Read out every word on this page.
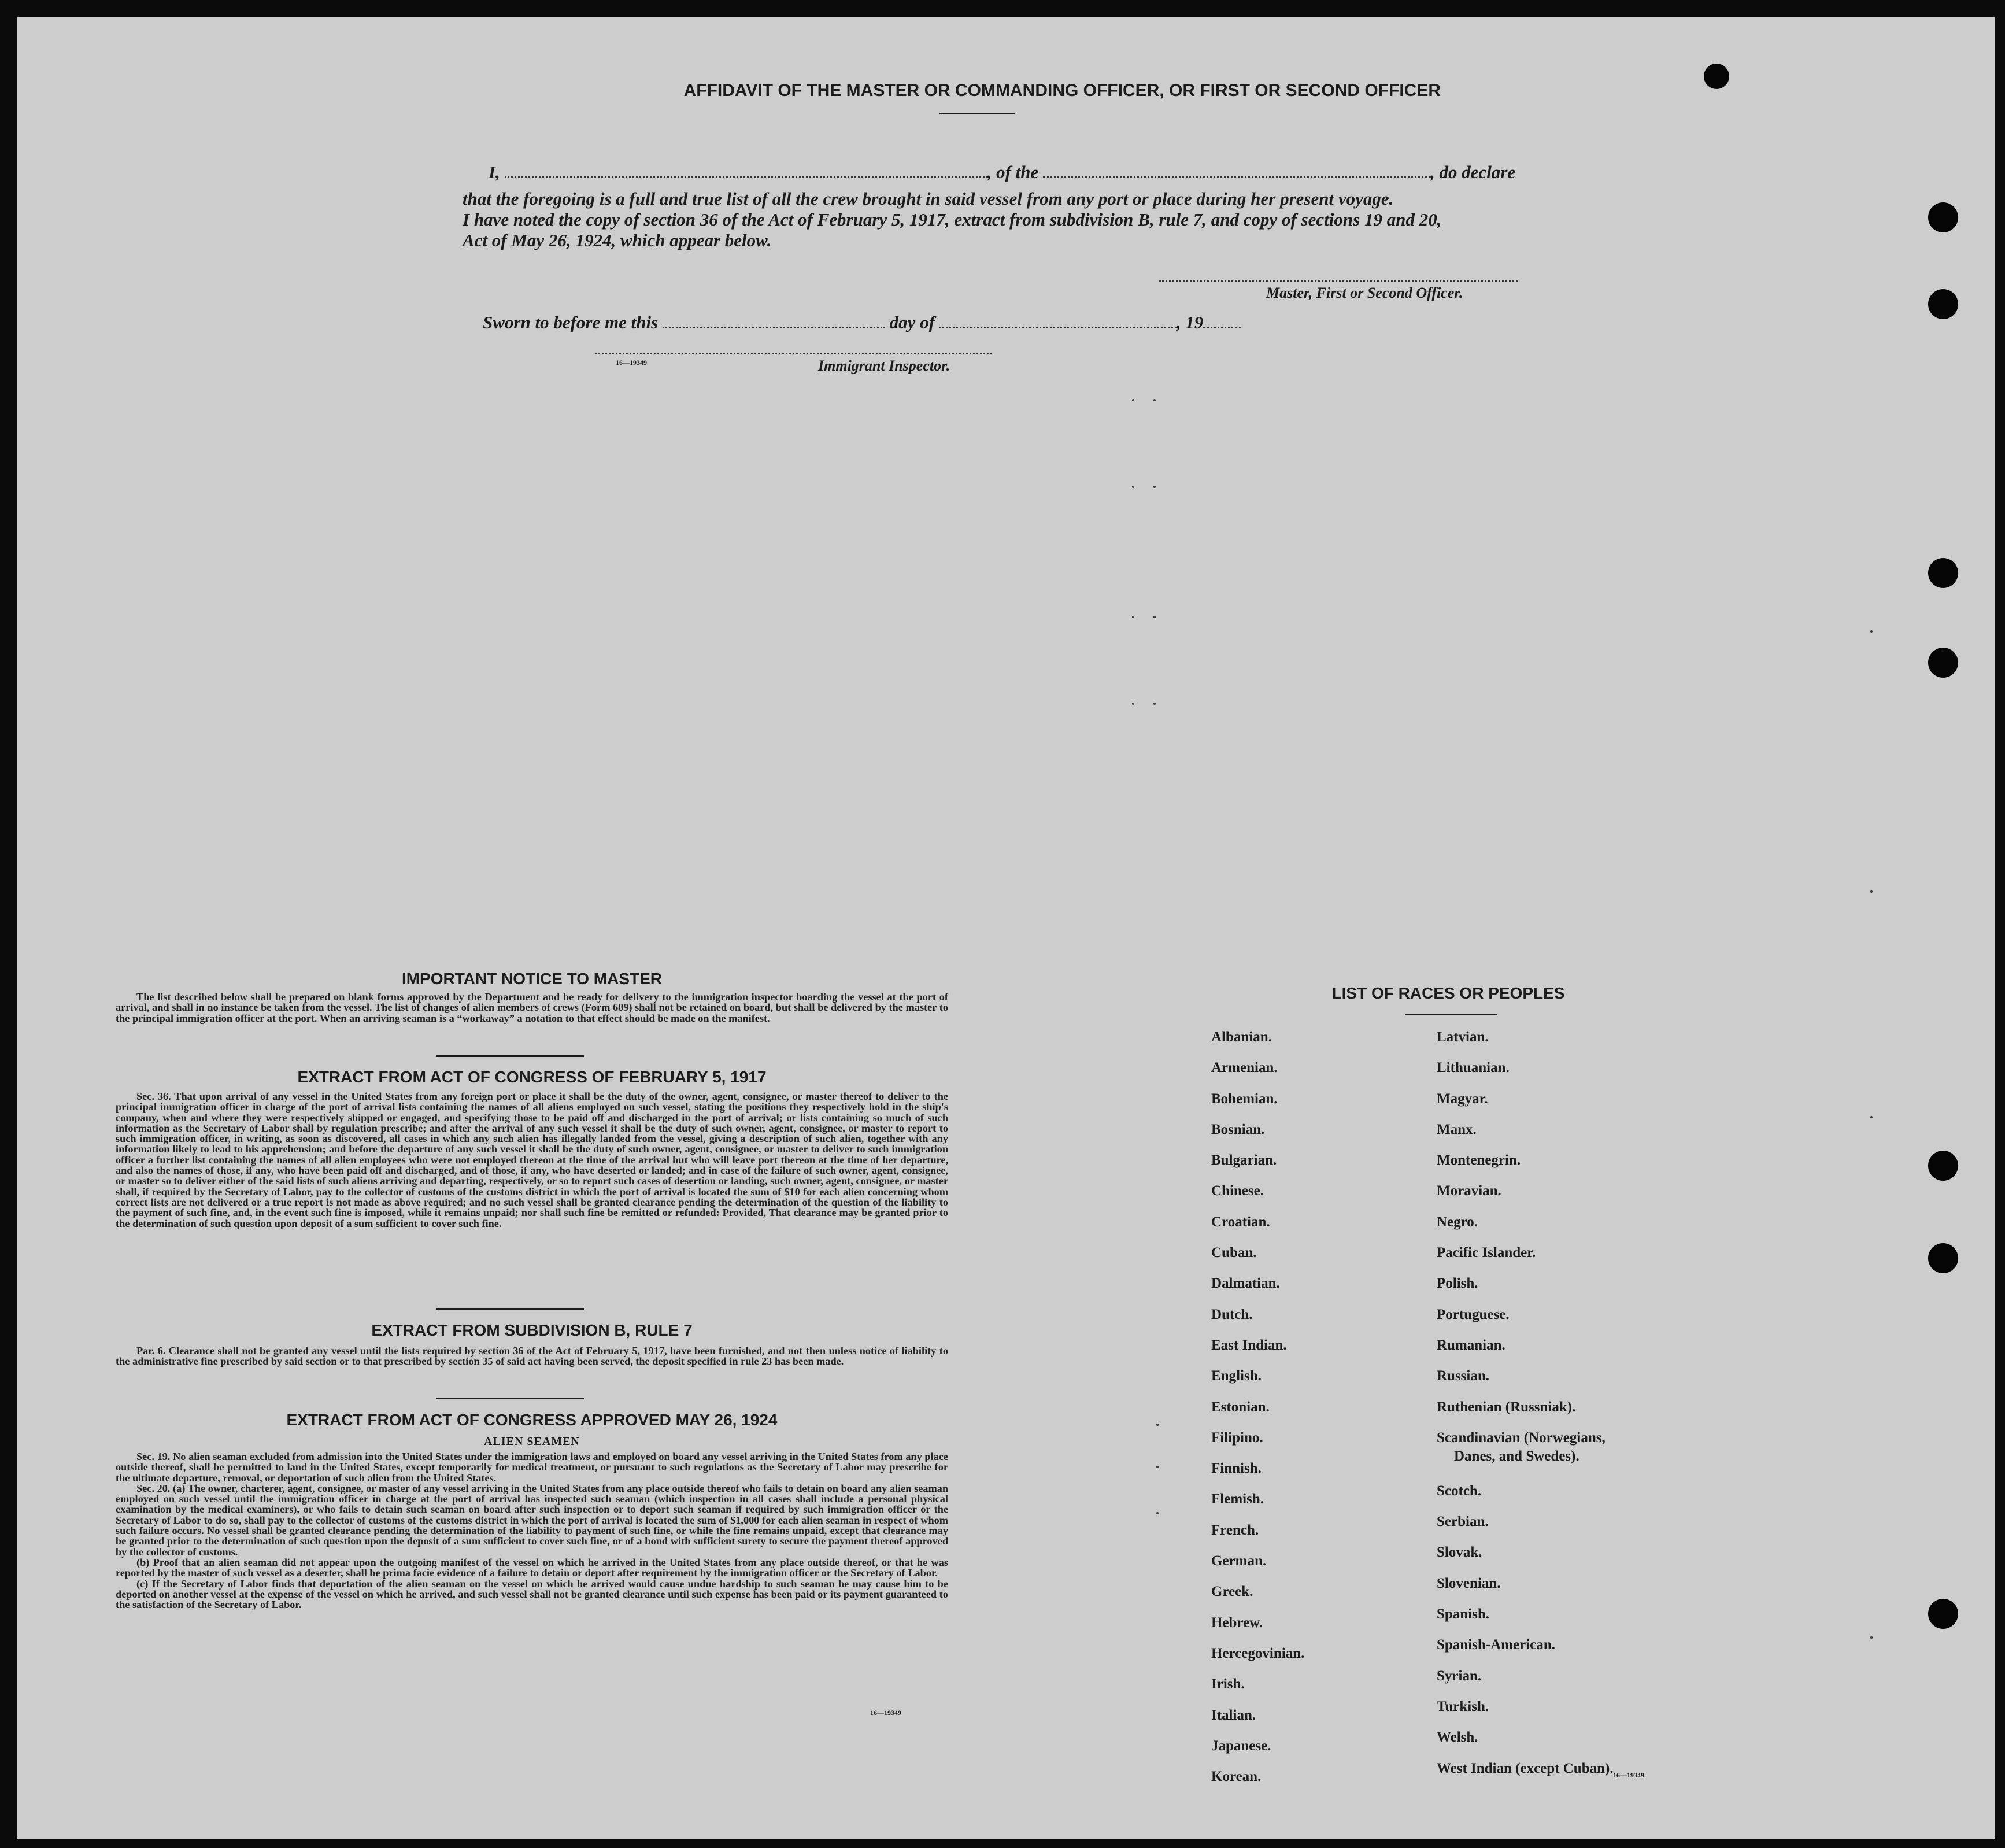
AFFIDAVIT OF THE MASTER OR COMMANDING OFFICER, OR FIRST OR SECOND OFFICER
I,	, of the	, do declare
that the foregoing is a full and true list of all the crew brought in said vessel from any port or place during her present voyage.
I have noted the copy of section 36 of the Act of February 5, 1917, extract from subdivision B, rule 7, and copy of sections 19 and 20,
Act of May 26, 1924, which appear below.
Master, First or Second Officer.
Sworn to before me this	day of	, 19
16—19349	Immigrant Inspector.
IMPORTANT NOTICE TO MASTER
The list described below shall be prepared on blank forms approved by the Department and be ready for delivery to the immigration inspector boarding the vessel at the port of arrival, and shall in no instance be taken from the vessel. The list of changes of alien members of crews (Form 689) shall not be retained on board, but shall be delivered by the master to the principal immigration officer at the port. When an arriving seaman is a “workaway” a notation to that effect should be made on the manifest.
EXTRACT FROM ACT OF CONGRESS OF FEBRUARY 5, 1917
Sec. 36. That upon arrival of any vessel in the United States from any foreign port or place it shall be the duty of the owner, agent, consignee, or master thereof to deliver to the principal immigration officer in charge of the port of arrival lists containing the names of all aliens employed on such vessel, stating the positions they respectively hold in the ship's company, when and where they were respectively shipped or engaged, and specifying those to be paid off and discharged in the port of arrival; or lists containing so much of such information as the Secretary of Labor shall by regulation prescribe; and after the arrival of any such vessel it shall be the duty of such owner, agent, consignee, or master to report to such immigration officer, in writing, as soon as discovered, all cases in which any such alien has illegally landed from the vessel, giving a description of such alien, together with any information likely to lead to his apprehension; and before the departure of any such vessel it shall be the duty of such owner, agent, consignee, or master to deliver to such immigration officer a further list containing the names of all alien employees who were not employed thereon at the time of the arrival but who will leave port thereon at the time of her departure, and also the names of those, if any, who have been paid off and discharged, and of those, if any, who have deserted or landed; and in case of the failure of such owner, agent, consignee, or master so to deliver either of the said lists of such aliens arriving and departing, respectively, or so to report such cases of desertion or landing, such owner, agent, consignee, or master shall, if required by the Secretary of Labor, pay to the collector of customs of the customs district in which the port of arrival is located the sum of $10 for each alien concerning whom correct lists are not delivered or a true report is not made as above required; and no such vessel shall be granted clearance pending the determination of the question of the liability to the payment of such fine, and, in the event such fine is imposed, while it remains unpaid; nor shall such fine be remitted or refunded: Provided, That clearance may be granted prior to the determination of such question upon deposit of a sum sufficient to cover such fine.
EXTRACT FROM SUBDIVISION B, RULE 7
Par. 6. Clearance shall not be granted any vessel until the lists required by section 36 of the Act of February 5, 1917, have been furnished, and not then unless notice of liability to the administrative fine prescribed by said section or to that prescribed by section 35 of said act having been served, the deposit specified in rule 23 has been made.
EXTRACT FROM ACT OF CONGRESS APPROVED MAY 26, 1924
ALIEN SEAMEN
Sec. 19. No alien seaman excluded from admission into the United States under the immigration laws and employed on board any vessel arriving in the United States from any place outside thereof, shall be permitted to land in the United States, except temporarily for medical treatment, or pursuant to such regulations as the Secretary of Labor may prescribe for the ultimate departure, removal, or deportation of such alien from the United States.
Sec. 20. (a) The owner, charterer, agent, consignee, or master of any vessel arriving in the United States from any place outside thereof who fails to detain on board any alien seaman employed on such vessel until the immigration officer in charge at the port of arrival has inspected such seaman (which inspection in all cases shall include a personal physical examination by the medical examiners), or who fails to detain such seaman on board after such inspection or to deport such seaman if required by such immigration officer or the Secretary of Labor to do so, shall pay to the collector of customs of the customs district in which the port of arrival is located the sum of $1,000 for each alien seaman in respect of whom such failure occurs. No vessel shall be granted clearance pending the determination of the liability to payment of such fine, or while the fine remains unpaid, except that clearance may be granted prior to the determination of such question upon the deposit of a sum sufficient to cover such fine, or of a bond with sufficient surety to secure the payment thereof approved by the collector of customs.
(b) Proof that an alien seaman did not appear upon the outgoing manifest of the vessel on which he arrived in the United States from any place outside thereof, or that he was reported by the master of such vessel as a deserter, shall be prima facie evidence of a failure to detain or deport after requirement by the immigration officer or the Secretary of Labor.
(c) If the Secretary of Labor finds that deportation of the alien seaman on the vessel on which he arrived would cause undue hardship to such seaman he may cause him to be deported on another vessel at the expense of the vessel on which he arrived, and such vessel shall not be granted clearance until such expense has been paid or its payment guaranteed to the satisfaction of the Secretary of Labor.
16—19349
LIST OF RACES OR PEOPLES
Albanian.
Armenian.
Bohemian.
Bosnian.
Bulgarian.
Chinese.
Croatian.
Cuban.
Dalmatian.
Dutch.
East Indian.
English.
Estonian.
Filipino.
Finnish.
Flemish.
French.
German.
Greek.
Hebrew.
Hercegovinian.
Irish.
Italian.
Japanese.
Korean.
Latvian.
Lithuanian.
Magyar.
Manx.
Montenegrin.
Moravian.
Negro.
Pacific Islander.
Polish.
Portuguese.
Rumanian.
Russian.
Ruthenian (Russniak).
Scandinavian (Norwegians,
Danes, and Swedes).
Scotch.
Serbian.
Slovak.
Slovenian.
Spanish.
Spanish-American.
Syrian.
Turkish.
Welsh.
West Indian (except Cuban). 16—19349
